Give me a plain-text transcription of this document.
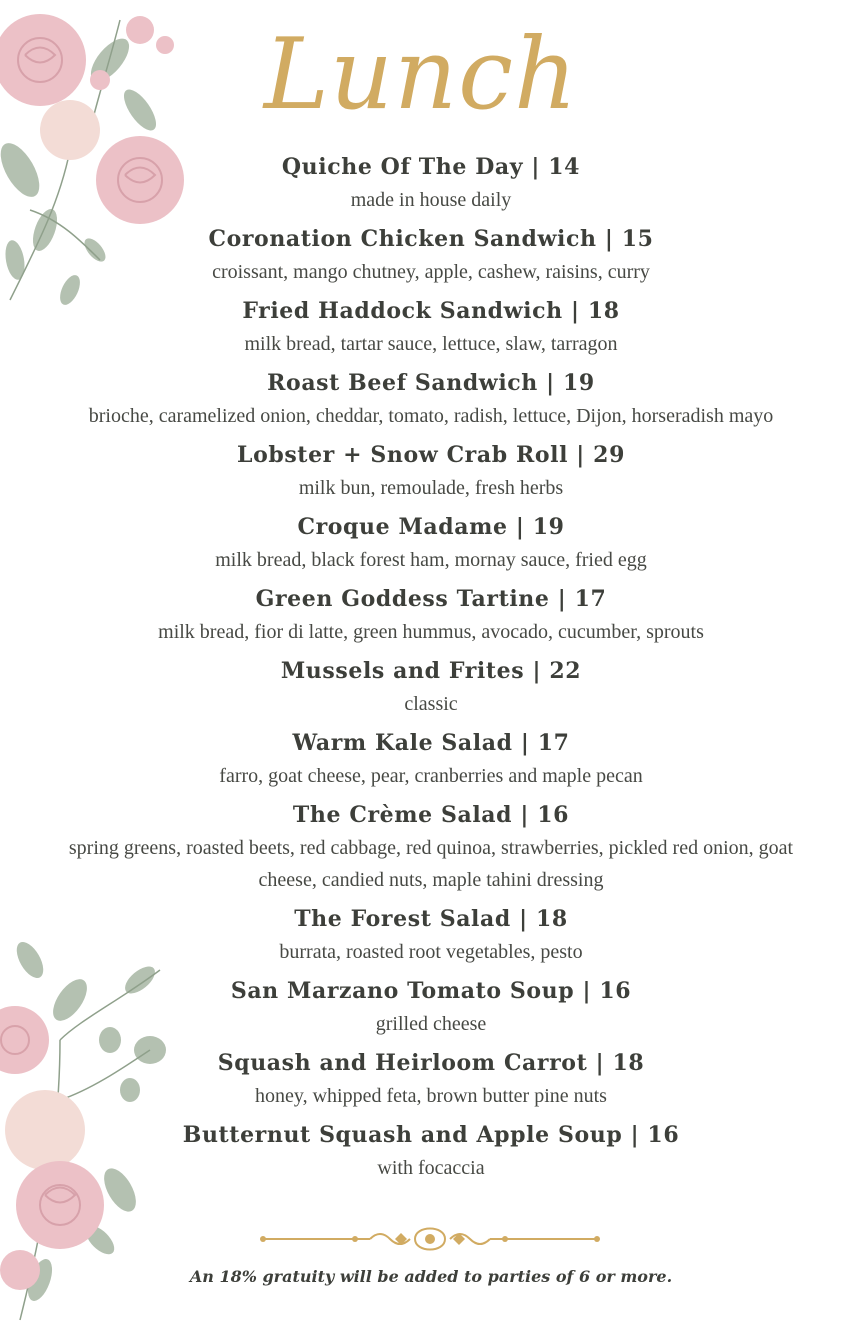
Lunch
Quiche Of The Day | 14
made in house daily
Coronation Chicken Sandwich | 15
croissant, mango chutney, apple, cashew, raisins, curry
Fried Haddock Sandwich | 18
milk bread, tartar sauce, lettuce, slaw, tarragon
Roast Beef Sandwich | 19
brioche, caramelized onion, cheddar, tomato, radish, lettuce, Dijon, horseradish mayo
Lobster + Snow Crab Roll | 29
milk bun, remoulade, fresh herbs
Croque Madame | 19
milk bread, black forest ham, mornay sauce, fried egg
Green Goddess Tartine | 17
milk bread, fior di latte, green hummus, avocado, cucumber, sprouts
Mussels and Frites | 22
classic
Warm Kale Salad | 17
farro, goat cheese, pear, cranberries and maple pecan
The Crème Salad | 16
spring greens, roasted beets, red cabbage, red quinoa, strawberries, pickled red onion, goat cheese, candied nuts, maple tahini dressing
The Forest Salad | 18
burrata, roasted root vegetables, pesto
San Marzano Tomato Soup | 16
grilled cheese
Squash and Heirloom Carrot | 18
honey, whipped feta, brown butter pine nuts
Butternut Squash and Apple Soup | 16
with focaccia
An 18% gratuity will be added to parties of 6 or more.
